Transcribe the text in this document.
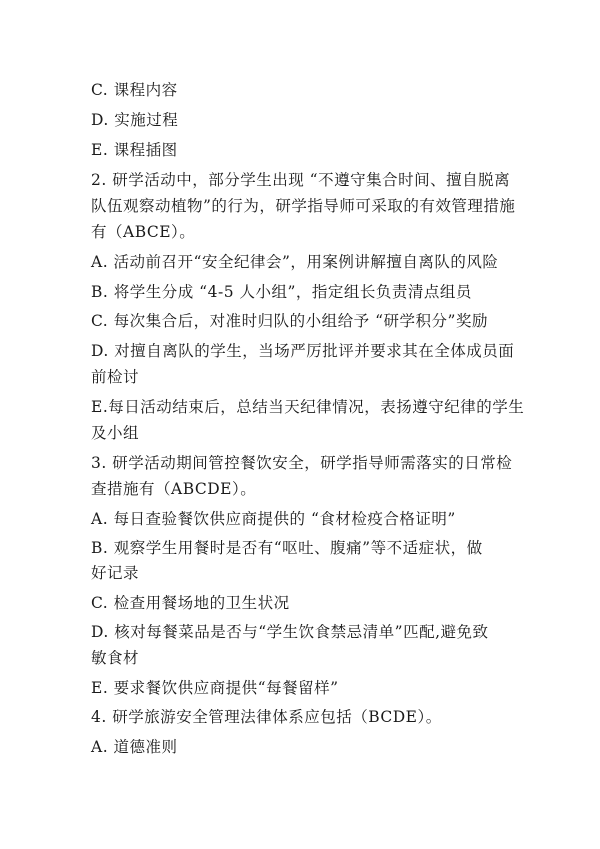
C. 课程内容
D. 实施过程
E. 课程插图
2. 研学活动中，部分学生出现 “不遵守集合时间、擅自脱离
队伍观察动植物”的行为，研学指导师可采取的有效管理措施
有（ABCE）。
A. 活动前召开“安全纪律会”，用案例讲解擅自离队的风险
B. 将学生分成 “4-5 人小组”，指定组长负责清点组员
C. 每次集合后，对准时归队的小组给予 “研学积分”奖励
D. 对擅自离队的学生，当场严厉批评并要求其在全体成员面
前检讨
E.每日活动结束后，总结当天纪律情况，表扬遵守纪律的学生
及小组
3. 研学活动期间管控餐饮安全，研学指导师需落实的日常检
查措施有（ABCDE）。
A. 每日查验餐饮供应商提供的 “食材检疫合格证明”
B. 观察学生用餐时是否有“呕吐、腹痛”等不适症状，做
好记录
C. 检查用餐场地的卫生状况
D. 核对每餐菜品是否与“学生饮食禁忌清单”匹配,避免致
敏食材
E. 要求餐饮供应商提供“每餐留样”
4. 研学旅游安全管理法律体系应包括（BCDE）。
A. 道德准则
